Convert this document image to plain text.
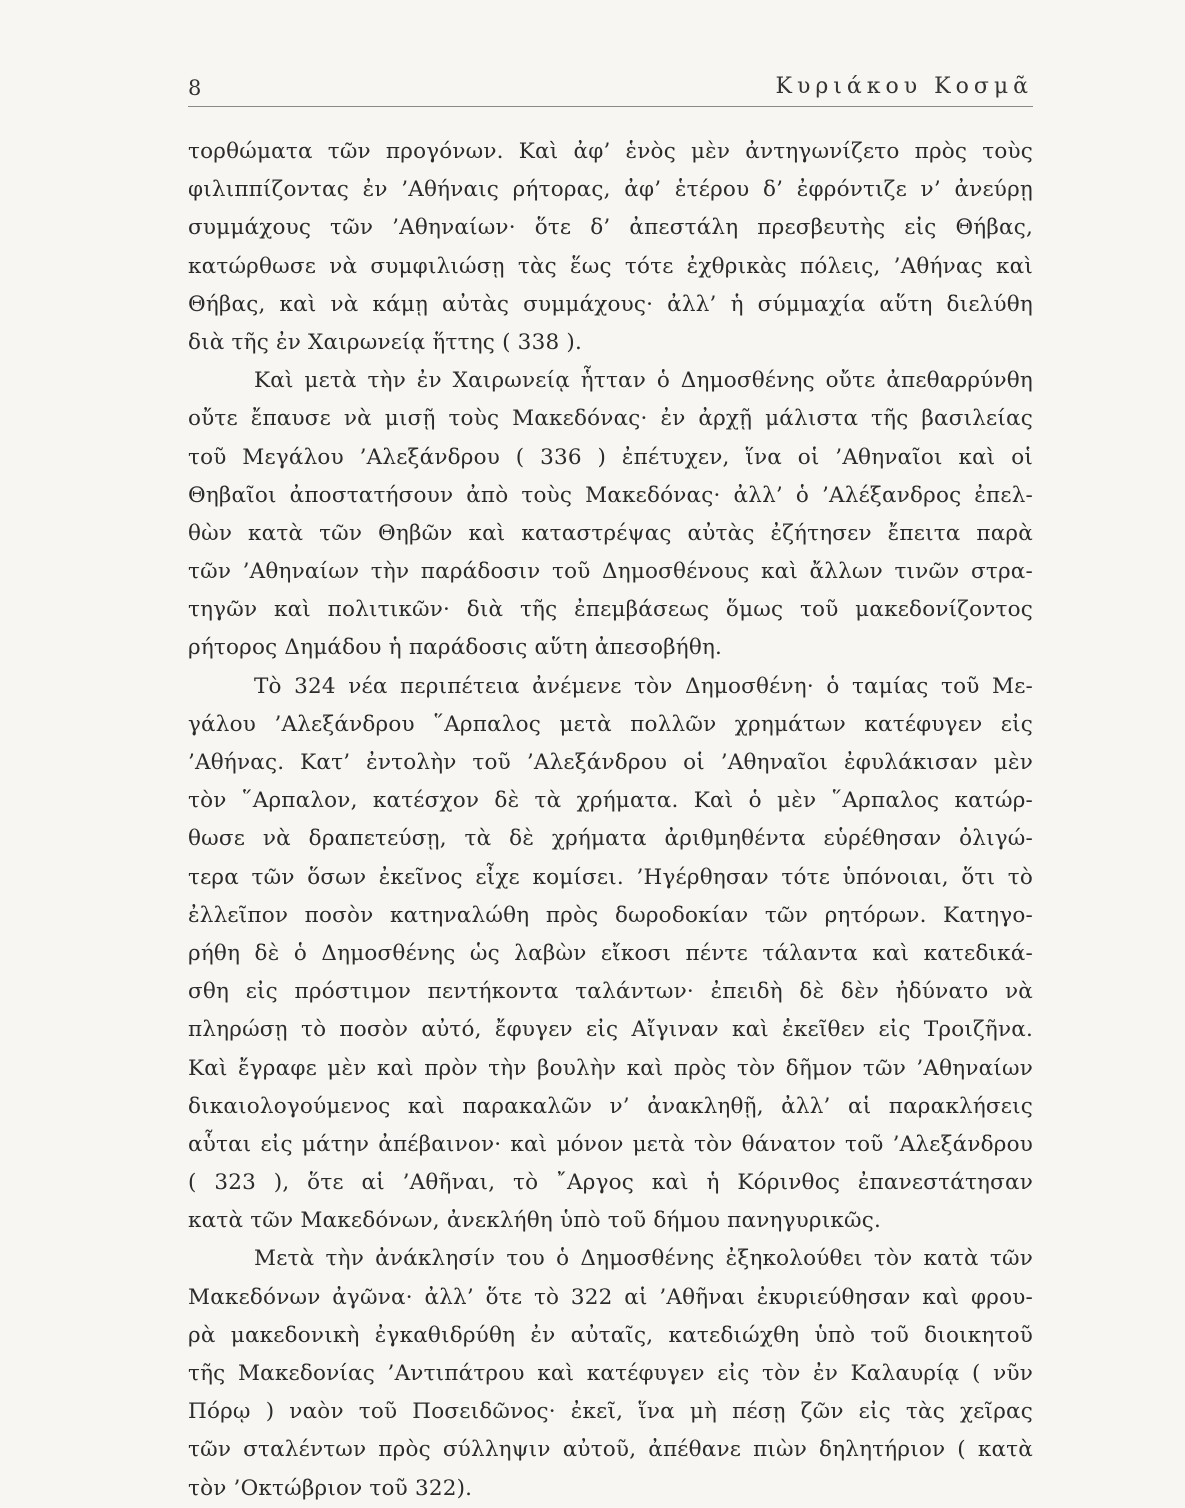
8	Κυριάκου Κοσμᾶ
τορθώματα τῶν προγόνων. Καὶ ἀφ’ ἑνὸς μὲν ἀντηγωνίζετο πρὸς τοὺς
φιλιππίζοντας ἐν ’Αθήναις ρήτορας, ἀφ’ ἑτέρου δ’ ἐφρόντιζε ν’ ἀνεύρῃ
συμμάχους τῶν ’Αθηναίων· ὅτε δ’ ἀπεστάλη πρεσβευτὴς εἰς Θήβας,
κατώρθωσε νὰ συμφιλιώσῃ τὰς ἕως τότε ἐχθρικὰς πόλεις, ’Αθήνας καὶ
Θήβας, καὶ νὰ κάμῃ αὐτὰς συμμάχους· ἀλλ’ ἡ σύμμαχία αὕτη διελύθη
διὰ τῆς ἐν Χαιρωνείᾳ ἥττης ( 338 ).
Καὶ μετὰ τὴν ἐν Χαιρωνείᾳ ἧτταν ὁ Δημοσθένης οὔτε ἀπεθαρρύνθη
οὔτε ἔπαυσε νὰ μισῇ τοὺς Μακεδόνας· ἐν ἀρχῇ μάλιστα τῆς βασιλείας
τοῦ Μεγάλου ’Αλεξάνδρου ( 336 ) ἐπέτυχεν, ἵνα οἱ ’Αθηναῖοι καὶ οἱ
Θηβαῖοι ἀποστατήσουν ἀπὸ τοὺς Μακεδόνας· ἀλλ’ ὁ ’Αλέξανδρος ἐπελ-
θὼν κατὰ τῶν Θηβῶν καὶ καταστρέψας αὐτὰς ἐζήτησεν ἔπειτα παρὰ
τῶν ’Αθηναίων τὴν παράδοσιν τοῦ Δημοσθένους καὶ ἄλλων τινῶν στρα-
τηγῶν καὶ πολιτικῶν· διὰ τῆς ἐπεμβάσεως ὅμως τοῦ μακεδονίζοντος
ρήτορος Δημάδου ἡ παράδοσις αὕτη ἀπεσοβήθη.
Τὸ 324 νέα περιπέτεια ἀνέμενε τὸν Δημοσθένη· ὁ ταμίας τοῦ Με-
γάλου ’Αλεξάνδρου ῞Αρπαλος μετὰ πολλῶν χρημάτων κατέφυγεν εἰς
’Αθήνας. Κατ’ ἐντολὴν τοῦ ’Αλεξάνδρου οἱ ’Αθηναῖοι ἐφυλάκισαν μὲν
τὸν ῞Αρπαλον, κατέσχον δὲ τὰ χρήματα. Καὶ ὁ μὲν ῞Αρπαλος κατώρ-
θωσε νὰ δραπετεύσῃ, τὰ δὲ χρήματα ἀριθμηθέντα εὑρέθησαν ὀλιγώ-
τερα τῶν ὅσων ἐκεῖνος εἶχε κομίσει. ’Ηγέρθησαν τότε ὑπόνοιαι, ὅτι τὸ
ἐλλεῖπον ποσὸν κατηναλώθη πρὸς δωροδοκίαν τῶν ρητόρων. Κατηγο-
ρήθη δὲ ὁ Δημοσθένης ὡς λαβὼν εἴκοσι πέντε τάλαντα καὶ κατεδικά-
σθη εἰς πρόστιμον πεντήκοντα ταλάντων· ἐπειδὴ δὲ δὲν ἠδύνατο νὰ
πληρώσῃ τὸ ποσὸν αὐτό, ἔφυγεν εἰς Αἴγιναν καὶ ἐκεῖθεν εἰς Τροιζῆνα.
Καὶ ἔγραφε μὲν καὶ πρὸν τὴν βουλὴν καὶ πρὸς τὸν δῆμον τῶν ’Αθηναίων
δικαιολογούμενος καὶ παρακαλῶν ν’ ἀνακληθῇ, ἀλλ’ αἱ παρακλήσεις
αὗται εἰς μάτην ἀπέβαινον· καὶ μόνον μετὰ τὸν θάνατον τοῦ ’Αλεξάνδρου
( 323 ), ὅτε αἱ ’Αθῆναι, τὸ ῎Αργος καὶ ἡ Κόρινθος ἐπανεστάτησαν
κατὰ τῶν Μακεδόνων, ἀνεκλήθη ὑπὸ τοῦ δήμου πανηγυρικῶς.
Μετὰ τὴν ἀνάκλησίν του ὁ Δημοσθένης ἐξηκολούθει τὸν κατὰ τῶν
Μακεδόνων ἀγῶνα· ἀλλ’ ὅτε τὸ 322 αἱ ’Αθῆναι ἐκυριεύθησαν καὶ φρου-
ρὰ μακεδονικὴ ἐγκαθιδρύθη ἐν αὐταῖς, κατεδιώχθη ὑπὸ τοῦ διοικητοῦ
τῆς Μακεδονίας ’Αντιπάτρου καὶ κατέφυγεν εἰς τὸν ἐν Καλαυρίᾳ ( νῦν
Πόρῳ ) ναὸν τοῦ Ποσειδῶνος· ἐκεῖ, ἵνα μὴ πέσῃ ζῶν εἰς τὰς χεῖρας
τῶν σταλέντων πρὸς σύλληψιν αὐτοῦ, ἀπέθανε πιὼν δηλητήριον ( κατὰ
τὸν ’Οκτώβριον τοῦ 322).
